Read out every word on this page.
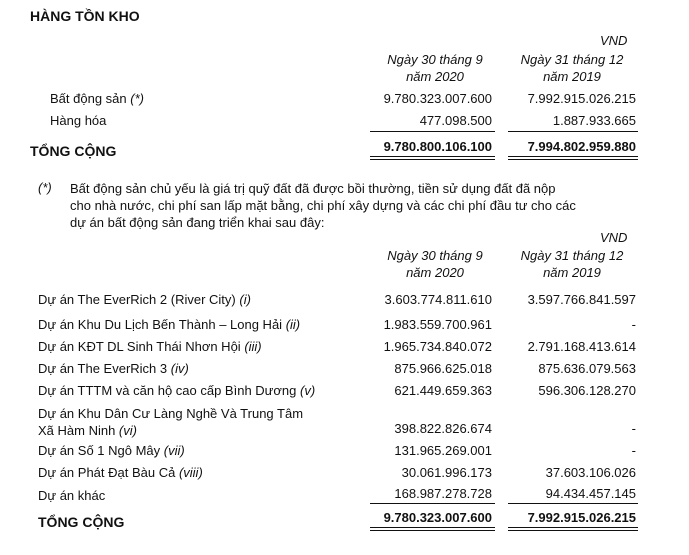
HÀNG TỒN KHO
VND
Ngày 30 tháng 9
năm 2020
Ngày 31 tháng 12
năm 2019
Bất động sản (*)	9.780.323.007.600	7.992.915.026.215
Hàng hóa	477.098.500	1.887.933.665
TỔNG CỘNG	9.780.800.106.100	7.994.802.959.880
(*) Bất động sản chủ yếu là giá trị quỹ đất đã được bồi thường, tiền sử dụng đất đã nộp
cho nhà nước, chi phí san lấp mặt bằng, chi phí xây dựng và các chi phí đầu tư cho các
dự án bất động sản đang triển khai sau đây:
VND
Ngày 30 tháng 9
năm 2020
Ngày 31 tháng 12
năm 2019
Dự án The EverRich 2 (River City) (i)	3.603.774.811.610	3.597.766.841.597
Dự án Khu Du Lịch Bến Thành – Long Hải (ii)	1.983.559.700.961	-
Dự án KĐT DL Sinh Thái Nhơn Hội (iii)	1.965.734.840.072	2.791.168.413.614
Dự án The EverRich 3 (iv)	875.966.625.018	875.636.079.563
Dự án TTTM và căn hộ cao cấp Bình Dương (v)	621.449.659.363	596.306.128.270
Dự án Khu Dân Cư Làng Nghề Và Trung Tâm
Xã Hàm Ninh (vi)	398.822.826.674	-
Dự án Số 1 Ngô Mây (vii)	131.965.269.001	-
Dự án Phát Đạt Bàu Cả (viii)	30.061.996.173	37.603.106.026
Dự án khác	168.987.278.728	94.434.457.145
TỔNG CỘNG	9.780.323.007.600	7.992.915.026.215
